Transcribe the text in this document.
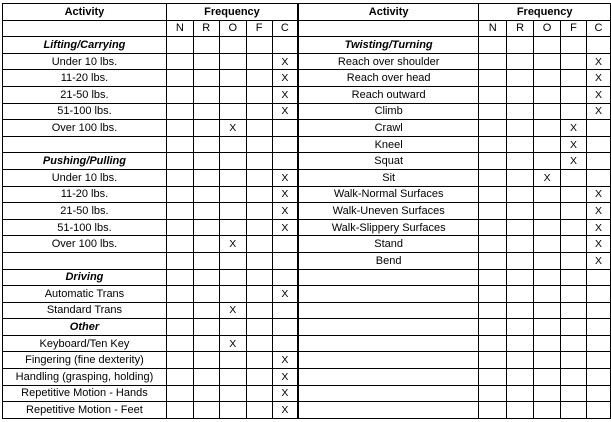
Activity	Frequency					Activity	Frequency				
	N	R	O	F	C		N	R	O	F	C
Lifting/Carrying						Twisting/Turning					
Under 10 lbs.					X	Reach over shoulder					X
11-20 lbs.					X	Reach over head					X
21-50 lbs.					X	Reach outward					X
51-100 lbs.					X	Climb					X
Over 100 lbs.			X			Crawl				X	
						Kneel				X	
Pushing/Pulling						Squat				X	
Under 10 lbs.					X	Sit			X		
11-20 lbs.					X	Walk-Normal Surfaces					X
21-50 lbs.					X	Walk-Uneven Surfaces					X
51-100 lbs.					X	Walk-Slippery Surfaces					X
Over 100 lbs.			X			Stand					X
						Bend					X
Driving											
Automatic Trans					X						
Standard Trans			X								
Other											
Keyboard/Ten Key			X								
Fingering (fine dexterity)					X						
Handling (grasping, holding)					X						
Repetitive Motion - Hands					X						
Repetitive Motion - Feet					X						
